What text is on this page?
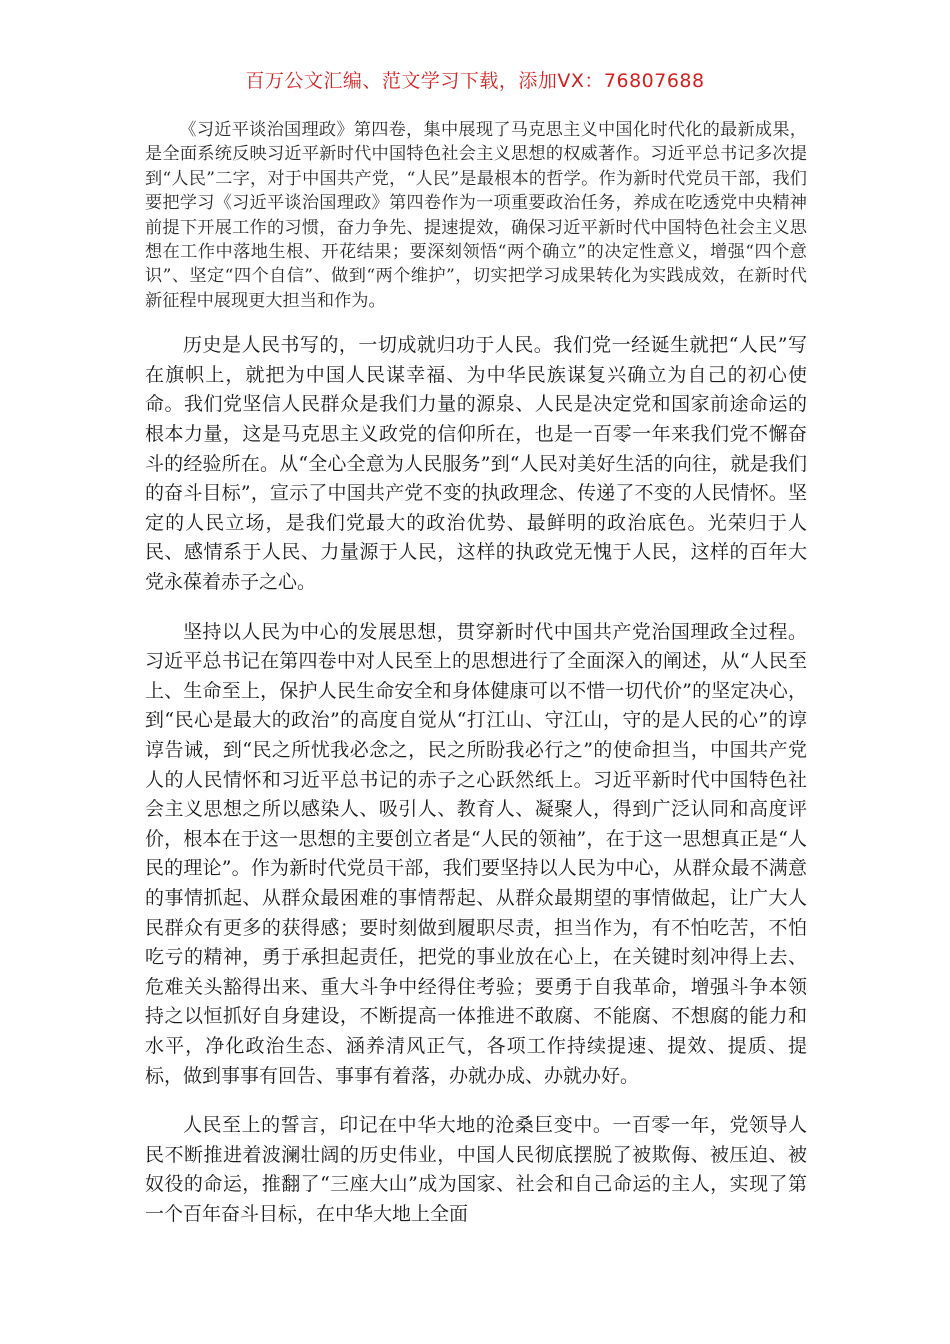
百万公文汇编、范文学习下载，添加VX：76807688

《习近平谈治国理政》第四卷，集中展现了马克思主义中国化时代化的最新成果，是全面系统反映习近平新时代中国特色社会主义思想的权威著作。习近平总书记多次提到“人民”二字，对于中国共产党，“人民”是最根本的哲学。作为新时代党员干部，我们要把学习《习近平谈治国理政》第四卷作为一项重要政治任务，养成在吃透党中央精神前提下开展工作的习惯，奋力争先、提速提效，确保习近平新时代中国特色社会主义思想在工作中落地生根、开花结果；要深刻领悟“两个确立”的决定性意义，增强“四个意识”、坚定“四个自信”、做到“两个维护”，切实把学习成果转化为实践成效，在新时代新征程中展现更大担当和作为。

历史是人民书写的，一切成就归功于人民。我们党一经诞生就把“人民”写在旗帜上，就把为中国人民谋幸福、为中华民族谋复兴确立为自己的初心使命。我们党坚信人民群众是我们力量的源泉、人民是决定党和国家前途命运的根本力量，这是马克思主义政党的信仰所在，也是一百零一年来我们党不懈奋斗的经验所在。从“全心全意为人民服务”到“人民对美好生活的向往，就是我们的奋斗目标”，宣示了中国共产党不变的执政理念、传递了不变的人民情怀。坚定的人民立场，是我们党最大的政治优势、最鲜明的政治底色。光荣归于人民、感情系于人民、力量源于人民，这样的执政党无愧于人民，这样的百年大党永葆着赤子之心。

坚持以人民为中心的发展思想，贯穿新时代中国共产党治国理政全过程。习近平总书记在第四卷中对人民至上的思想进行了全面深入的阐述，从“人民至上、生命至上，保护人民生命安全和身体健康可以不惜一切代价”的坚定决心，到“民心是最大的政治”的高度自觉从“打江山、守江山，守的是人民的心”的谆谆告诫，到“民之所忧我必念之，民之所盼我必行之”的使命担当，中国共产党人的人民情怀和习近平总书记的赤子之心跃然纸上。习近平新时代中国特色社会主义思想之所以感染人、吸引人、教育人、凝聚人，得到广泛认同和高度评价，根本在于这一思想的主要创立者是“人民的领袖”，在于这一思想真正是“人民的理论”。作为新时代党员干部，我们要坚持以人民为中心，从群众最不满意的事情抓起、从群众最困难的事情帮起、从群众最期望的事情做起，让广大人民群众有更多的获得感；要时刻做到履职尽责，担当作为，有不怕吃苦，不怕吃亏的精神，勇于承担起责任，把党的事业放在心上，在关键时刻冲得上去、危难关头豁得出来、重大斗争中经得住考验；要勇于自我革命，增强斗争本领持之以恒抓好自身建设，不断提高一体推进不敢腐、不能腐、不想腐的能力和水平，净化政治生态、涵养清风正气，各项工作持续提速、提效、提质、提标，做到事事有回告、事事有着落，办就办成、办就办好。

人民至上的誓言，印记在中华大地的沧桑巨变中。一百零一年，党领导人民不断推进着波澜壮阔的历史伟业，中国人民彻底摆脱了被欺侮、被压迫、被奴役的命运，推翻了“三座大山”成为国家、社会和自己命运的主人，实现了第一个百年奋斗目标，在中华大地上全面
